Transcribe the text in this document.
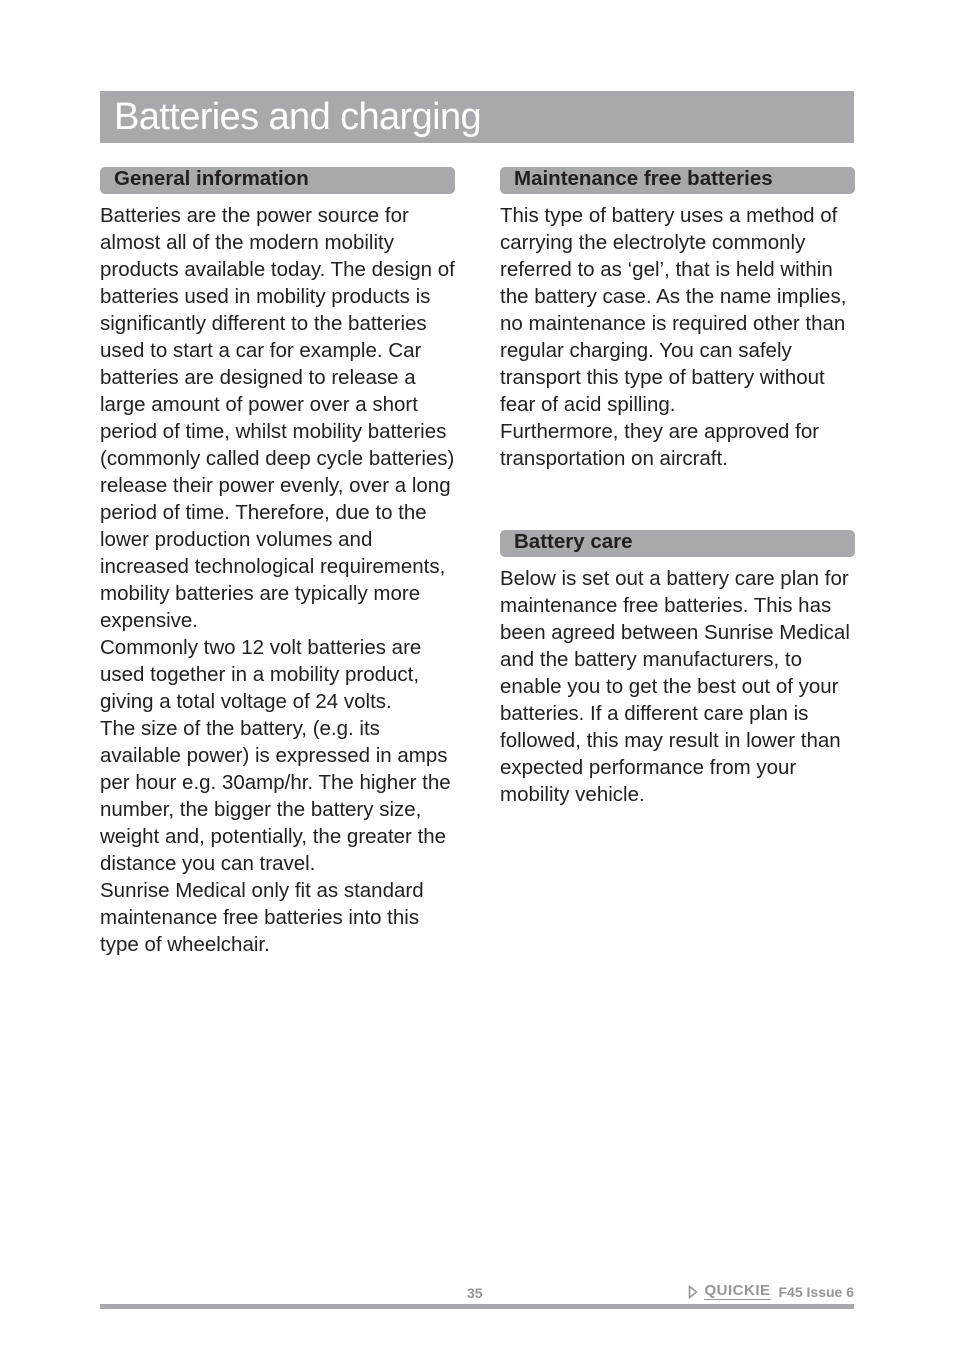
Batteries and charging
General information

Batteries are the power source for almost all of the modern mobility products available today. The design of batteries used in mobility products is significantly different to the batteries used to start a car for example. Car batteries are designed to release a large amount of power over a short period of time, whilst mobility batteries (commonly called deep cycle batteries) release their power evenly, over a long period of time. Therefore, due to the lower production volumes and increased technological requirements, mobility batteries are typically more expensive.

Commonly two 12 volt batteries are used together in a mobility product, giving a total voltage of 24 volts.

The size of the battery, (e.g. its available power) is expressed in amps per hour e.g. 30amp/hr. The higher the number, the bigger the battery size, weight and, potentially, the greater the distance you can travel.

Sunrise Medical only fit as standard maintenance free batteries into this type of wheelchair.

Maintenance free batteries

This type of battery uses a method of carrying the electrolyte commonly referred to as ‘gel’, that is held within the battery case. As the name implies, no maintenance is required other than regular charging. You can safely transport this type of battery without fear of acid spilling.

Furthermore, they are approved for transportation on aircraft.

Battery care

Below is set out a battery care plan for maintenance free batteries. This has been agreed between Sunrise Medical and the battery manufacturers, to enable you to get the best out of your batteries. If a different care plan is followed, this may result in lower than expected performance from your mobility vehicle.

35	QUICKIE F45 Issue 6
